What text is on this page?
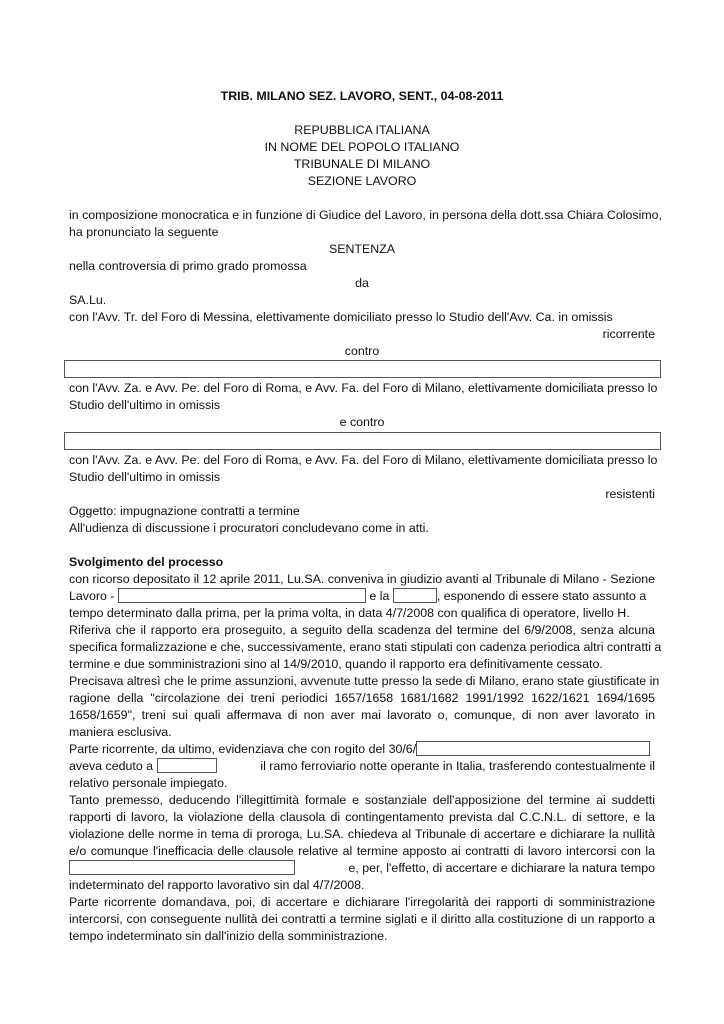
TRIB. MILANO SEZ. LAVORO, SENT., 04-08-2011
REPUBBLICA ITALIANA
IN NOME DEL POPOLO ITALIANO
TRIBUNALE DI MILANO
SEZIONE LAVORO
in composizione monocratica e in funzione di Giudice del Lavoro, in persona della dott.ssa Chiara Colosimo,
ha pronunciato la seguente
SENTENZA
nella controversia di primo grado promossa
da
SA.Lu.
con l'Avv. Tr. del Foro di Messina, elettivamente domiciliato presso lo Studio dell'Avv. Ca. in omissis
ricorrente
contro
con l'Avv. Za. e Avv. Pe. del Foro di Roma, e Avv. Fa. del Foro di Milano, elettivamente domiciliata presso lo
Studio dell'ultimo in omissis
e contro
con l'Avv. Za. e Avv. Pe. del Foro di Roma, e Avv. Fa. del Foro di Milano, elettivamente domiciliata presso lo
Studio dell'ultimo in omissis
resistenti
Oggetto: impugnazione contratti a termine
All'udienza di discussione i procuratori concludevano come in atti.
Svolgimento del processo
con ricorso depositato il 12 aprile 2011, Lu.SA. conveniva in giudizio avanti al Tribunale di Milano - Sezione
Lavoro -	e la	, esponendo di essere stato assunto a
tempo determinato dalla prima, per la prima volta, in data 4/7/2008 con qualifica di operatore, livello H.
Riferiva che il rapporto era proseguito, a seguito della scadenza del termine del 6/9/2008, senza alcuna
specifica formalizzazione e che, successivamente, erano stati stipulati con cadenza periodica altri contratti a
termine e due somministrazioni sino al 14/9/2010, quando il rapporto era definitivamente cessato.
Precisava altresì che le prime assunzioni, avvenute tutte presso la sede di Milano, erano state giustificate in
ragione della "circolazione dei treni periodici 1657/1658 1681/1682 1991/1992 1622/1621 1694/1695
1658/1659", treni sui quali affermava di non aver mai lavorato o, comunque, di non aver lavorato in
maniera esclusiva.
Parte ricorrente, da ultimo, evidenziava che con rogito del 30/6/
aveva ceduto a	il ramo ferroviario notte operante in Italia, trasferendo contestualmente il
relativo personale impiegato.
Tanto premesso, deducendo l'illegittimità formale e sostanziale dell'apposizione del termine ai suddetti
rapporti di lavoro, la violazione della clausola di contingentamento prevista dal C.C.N.L. di settore, e la
violazione delle norme in tema di proroga, Lu.SA. chiedeva al Tribunale di accertare e dichiarare la nullità
e/o comunque l'inefficacia delle clausole relative al termine apposto ai contratti di lavoro intercorsi con la
e, per, l'effetto, di accertare e dichiarare la natura tempo
indeterminato del rapporto lavorativo sin dal 4/7/2008.
Parte ricorrente domandava, poi, di accertare e dichiarare l'irregolarità dei rapporti di somministrazione
intercorsi, con conseguente nullità dei contratti a termine siglati e il diritto alla costituzione di un rapporto a
tempo indeterminato sin dall'inizio della somministrazione.
